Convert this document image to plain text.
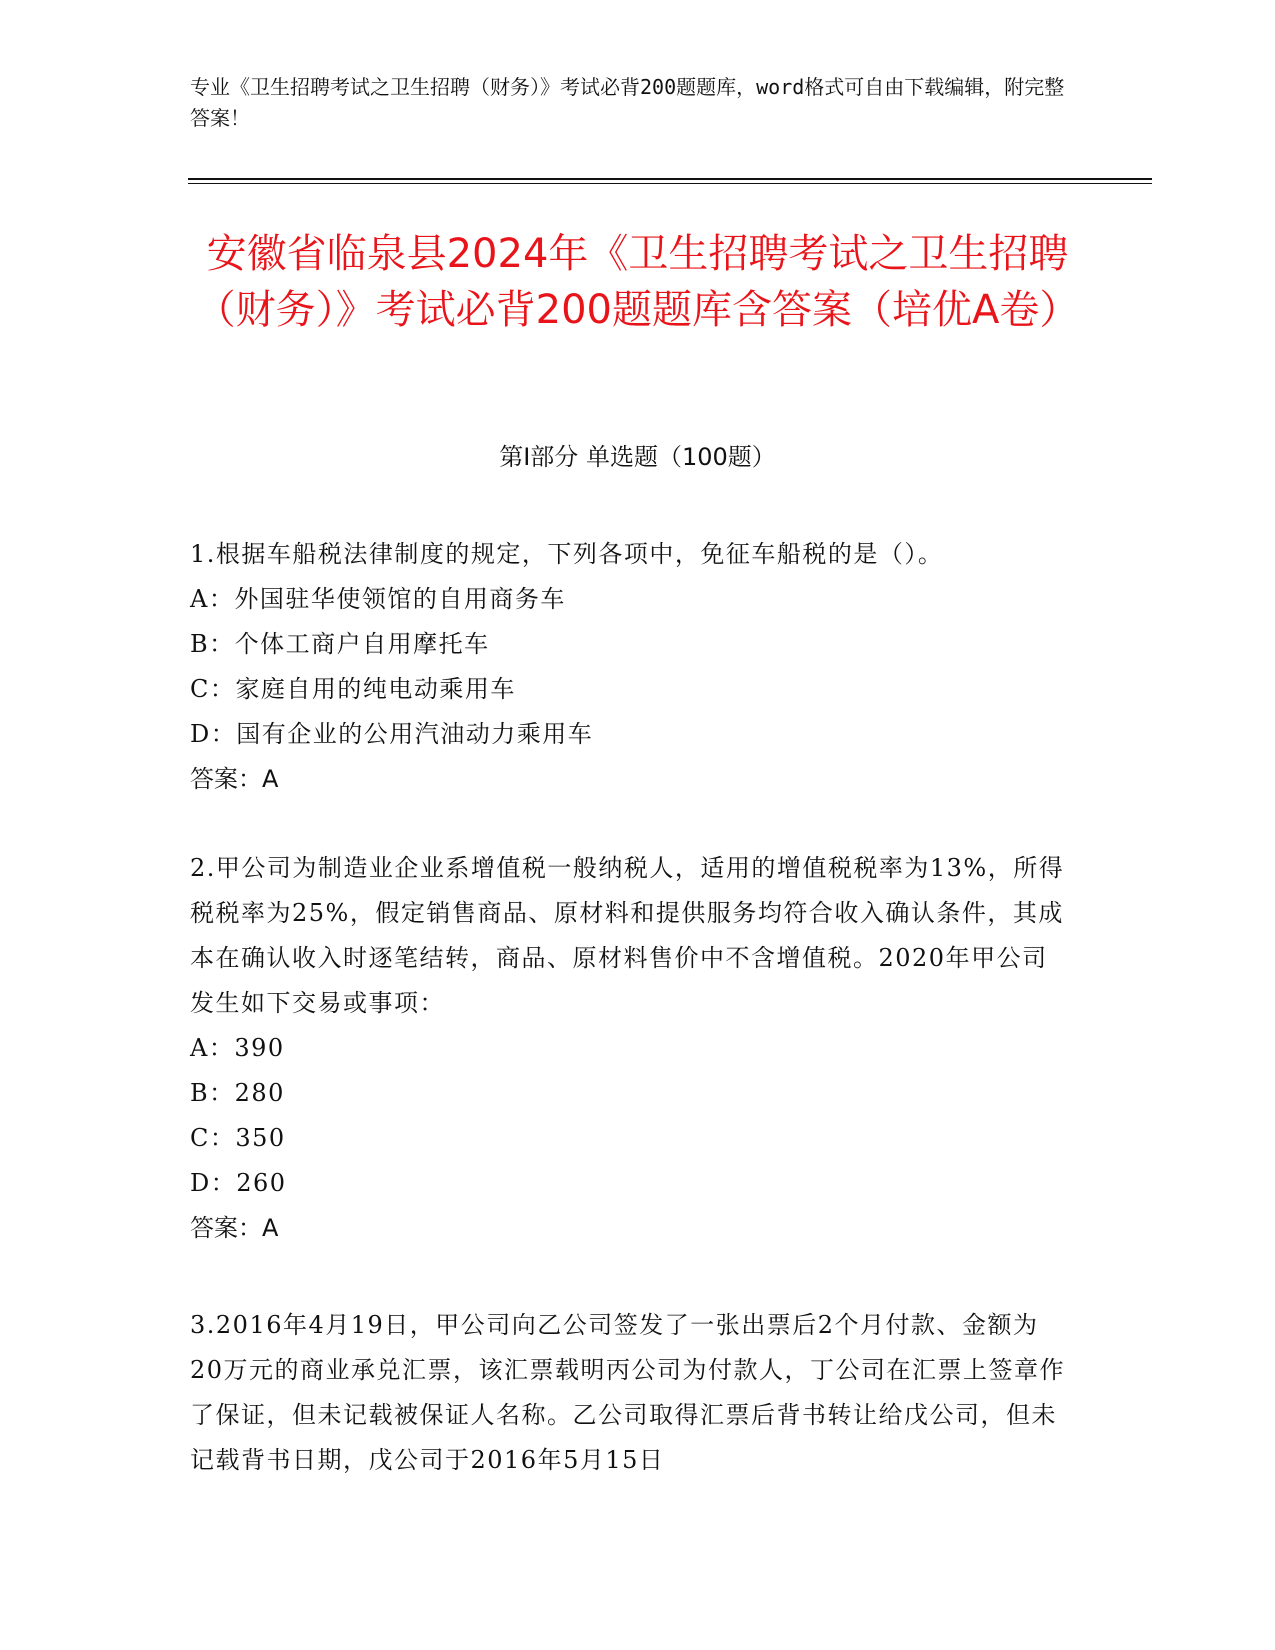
专业《卫生招聘考试之卫生招聘（财务）》考试必背200题题库，word格式可自由下载编辑，附完整答案！
安徽省临泉县2024年《卫生招聘考试之卫生招聘（财务）》考试必背200题题库含答案（培优A卷）
第Ⅰ部分 单选题（100题）
1.根据车船税法律制度的规定，下列各项中，免征车船税的是（）。
A：外国驻华使领馆的自用商务车
B：个体工商户自用摩托车
C：家庭自用的纯电动乘用车
D：国有企业的公用汽油动力乘用车
答案：A
2.甲公司为制造业企业系增值税一般纳税人，适用的增值税税率为13%，所得税税率为25%，假定销售商品、原材料和提供服务均符合收入确认条件，其成本在确认收入时逐笔结转，商品、原材料售价中不含增值税。2020年甲公司发生如下交易或事项：
A：390
B：280
C：350
D：260
答案：A
3.2016年4月19日，甲公司向乙公司签发了一张出票后2个月付款、金额为20万元的商业承兑汇票，该汇票载明丙公司为付款人，丁公司在汇票上签章作了保证，但未记载被保证人名称。乙公司取得汇票后背书转让给戊公司，但未记载背书日期，戊公司于2016年5月15日
